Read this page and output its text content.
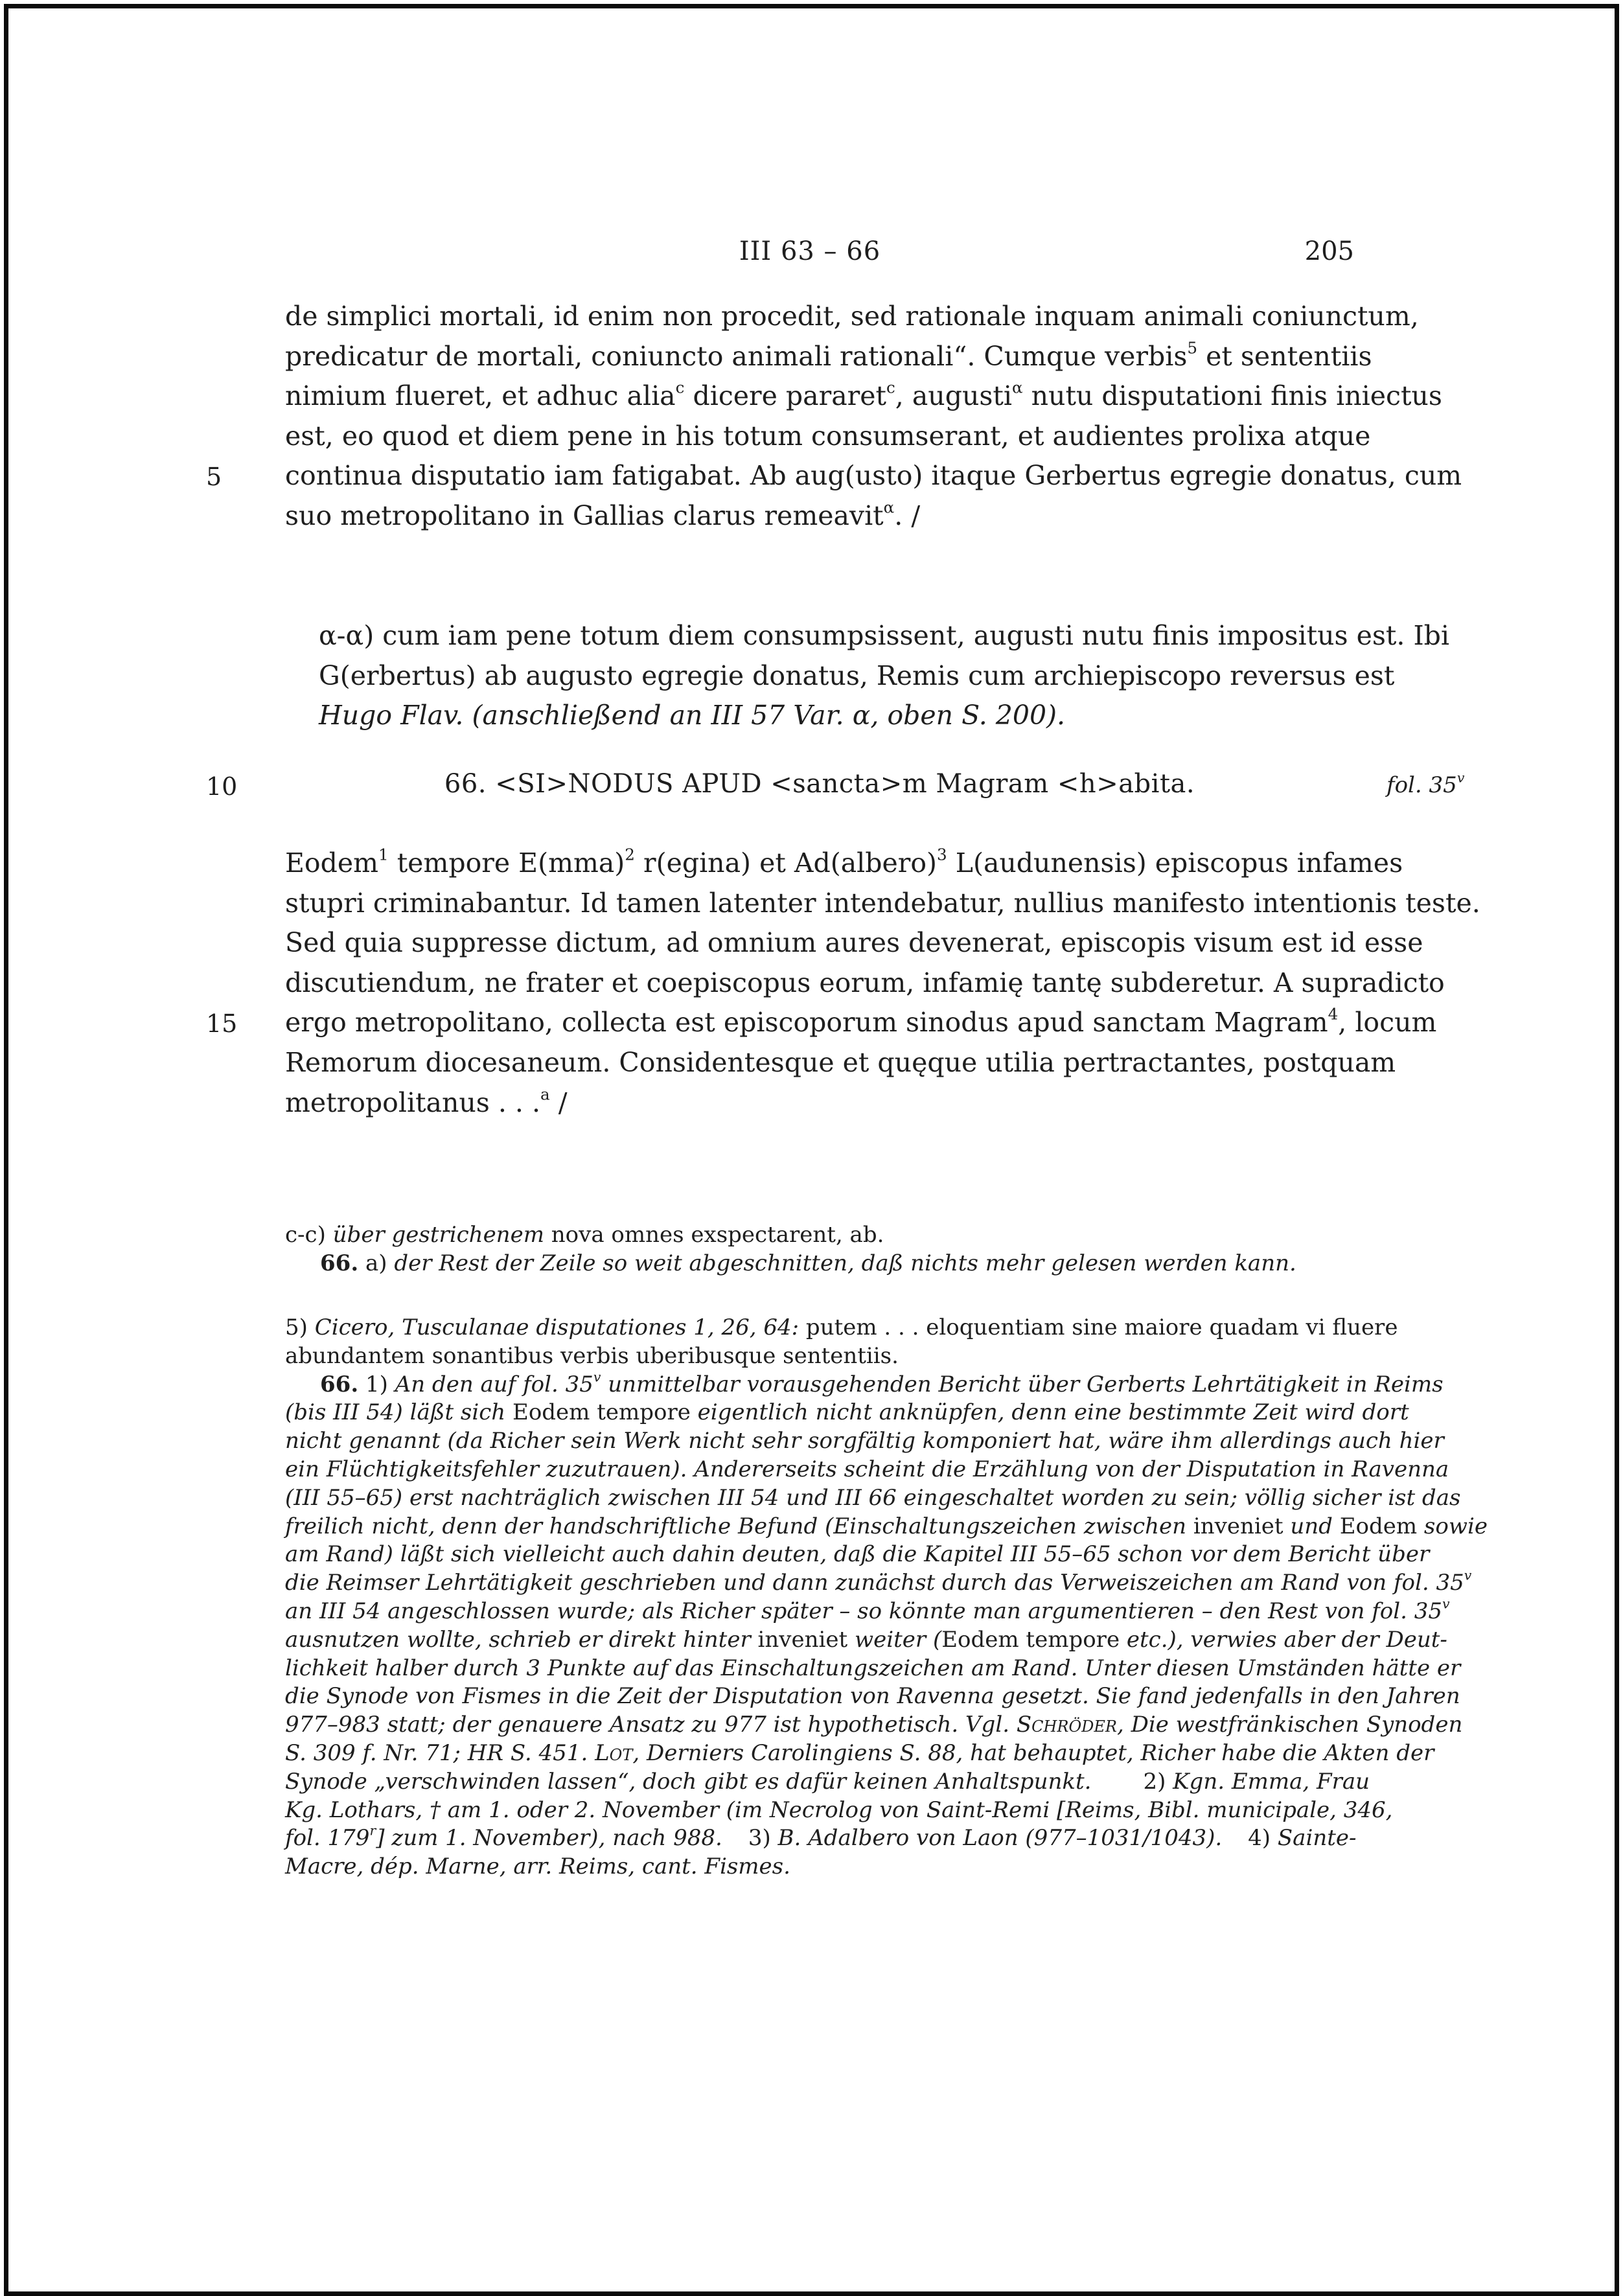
III 63 – 66	205
de simplici mortali, id enim non procedit, sed rationale inquam animali coniunctum,
predicatur de mortali, coniuncto animali rationali“. Cumque verbis$^5$ et sententiis
nimium flueret, et adhuc alia$^c$ dicere pararet$^c$, augusti$^\alpha$ nutu disputationi finis iniectus
est, eo quod et diem pene in his totum consumserant, et audientes prolixa atque
continua disputatio iam fatigabat. Ab aug(usto) itaque Gerbertus egregie donatus, cum
suo metropolitano in Gallias clarus remeavit$^\alpha$. /
5
α-α) cum iam pene totum diem consumpsissent, augusti nutu finis impositus est. Ibi
G(erbertus) ab augusto egregie donatus, Remis cum archiepiscopo reversus est
Hugo Flav. (anschließend an III 57 Var. α, oben S. 200).
10	66. <SI>NODUS APUD <sancta>m Magram <h>abita.	fol. 35$^v$
Eodem$^1$ tempore E(mma)$^2$ r(egina) et Ad(albero)$^3$ L(audunensis) episcopus infames
stupri criminabantur. Id tamen latenter intendebatur, nullius manifesto intentionis teste.
Sed quia suppresse dictum, ad omnium aures devenerat, episcopis visum est id esse
discutiendum, ne frater et coepiscopus eorum, infamię tantę subderetur. A supradicto
ergo metropolitano, collecta est episcoporum sinodus apud sanctam Magram$^4$, locum
Remorum diocesaneum. Considentesque et quęque utilia pertractantes, postquam
metropolitanus . . .$^a$ /
15
c-c) über gestrichenem nova omnes exspectarent, ab.
66. a) der Rest der Zeile so weit abgeschnitten, daß nichts mehr gelesen werden kann.
5) Cicero, Tusculanae disputationes 1, 26, 64: putem . . . eloquentiam sine maiore quadam vi fluere
abundantem sonantibus verbis uberibusque sententiis.
66. 1) An den auf fol. 35$^v$ unmittelbar vorausgehenden Bericht über Gerberts Lehrtätigkeit in Reims
(bis III 54) läßt sich Eodem tempore eigentlich nicht anknüpfen, denn eine bestimmte Zeit wird dort
nicht genannt (da Richer sein Werk nicht sehr sorgfältig komponiert hat, wäre ihm allerdings auch hier
ein Flüchtigkeitsfehler zuzutrauen). Andererseits scheint die Erzählung von der Disputation in Ravenna
(III 55–65) erst nachträglich zwischen III 54 und III 66 eingeschaltet worden zu sein; völlig sicher ist das
freilich nicht, denn der handschriftliche Befund (Einschaltungszeichen zwischen inveniet und Eodem sowie
am Rand) läßt sich vielleicht auch dahin deuten, daß die Kapitel III 55–65 schon vor dem Bericht über
die Reimser Lehrtätigkeit geschrieben und dann zunächst durch das Verweiszeichen am Rand von fol. 35$^v$
an III 54 angeschlossen wurde; als Richer später – so könnte man argumentieren – den Rest von fol. 35$^v$
ausnutzen wollte, schrieb er direkt hinter inveniet weiter (Eodem tempore etc.), verwies aber der Deut-
lichkeit halber durch 3 Punkte auf das Einschaltungszeichen am Rand. Unter diesen Umständen hätte er
die Synode von Fismes in die Zeit der Disputation von Ravenna gesetzt. Sie fand jedenfalls in den Jahren
977–983 statt; der genauere Ansatz zu 977 ist hypothetisch. Vgl. Schröder, Die westfränkischen Synoden
S. 309 f. Nr. 71; HR S. 451. Lot, Derniers Carolingiens S. 88, hat behauptet, Richer habe die Akten der
Synode „verschwinden lassen“, doch gibt es dafür keinen Anhaltspunkt. 2) Kgn. Emma, Frau
Kg. Lothars, † am 1. oder 2. November (im Necrolog von Saint-Remi [Reims, Bibl. municipale, 346,
fol. 179$^r$] zum 1. November), nach 988. 3) B. Adalbero von Laon (977–1031/1043). 4) Sainte-
Macre, dép. Marne, arr. Reims, cant. Fismes.
